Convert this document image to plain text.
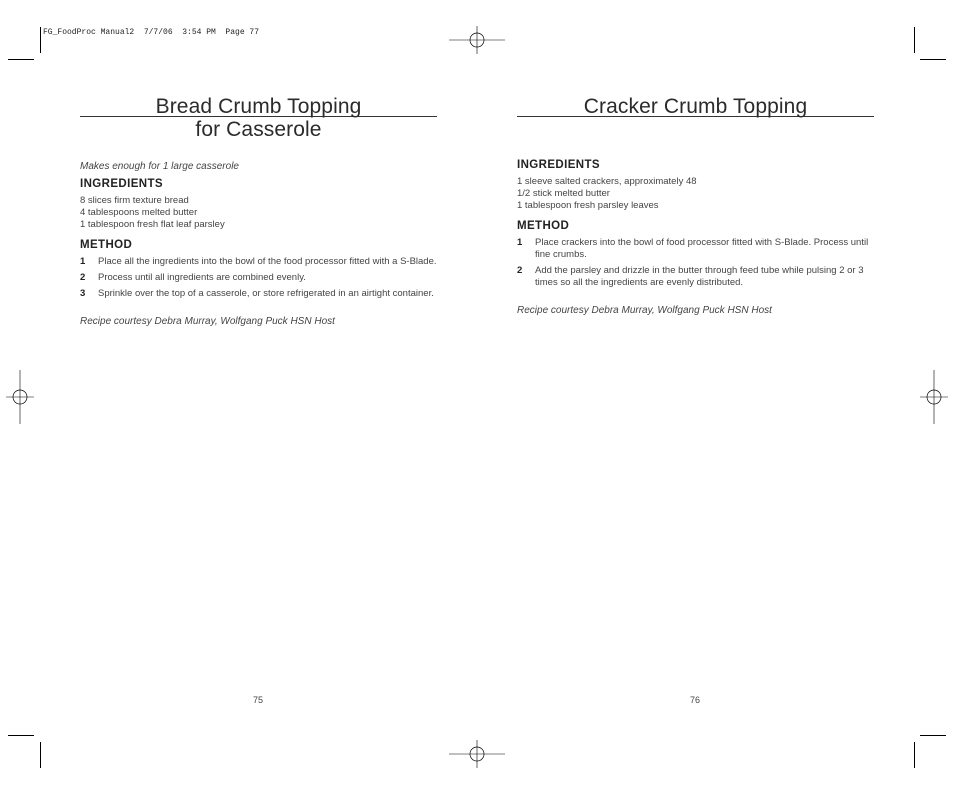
FG_FoodProc Manual2  7/7/06  3:54 PM  Page 77
Bread Crumb Topping
for Casserole

Makes enough for 1 large casserole

INGREDIENTS

8 slices firm texture bread

4 tablespoons melted butter

1 tablespoon fresh flat leaf parsley

METHOD
1	Place all the ingredients into the bowl of the food processor fitted with a S-Blade.
2	Process until all ingredients are combined evenly.
3	Sprinkle over the top of a casserole, or store refrigerated in an airtight container.

Recipe courtesy Debra Murray, Wolfgang Puck HSN Host

75
Cracker Crumb Topping
INGREDIENTS

1 sleeve salted crackers, approximately 48

1/2 stick melted butter

1 tablespoon fresh parsley leaves

METHOD
1	Place crackers into the bowl of food processor fitted with S-Blade. Process until fine crumbs.
2	Add the parsley and drizzle in the butter through feed tube while pulsing 2 or 3 times so all the ingredients are evenly distributed.

Recipe courtesy Debra Murray, Wolfgang Puck HSN Host

76
